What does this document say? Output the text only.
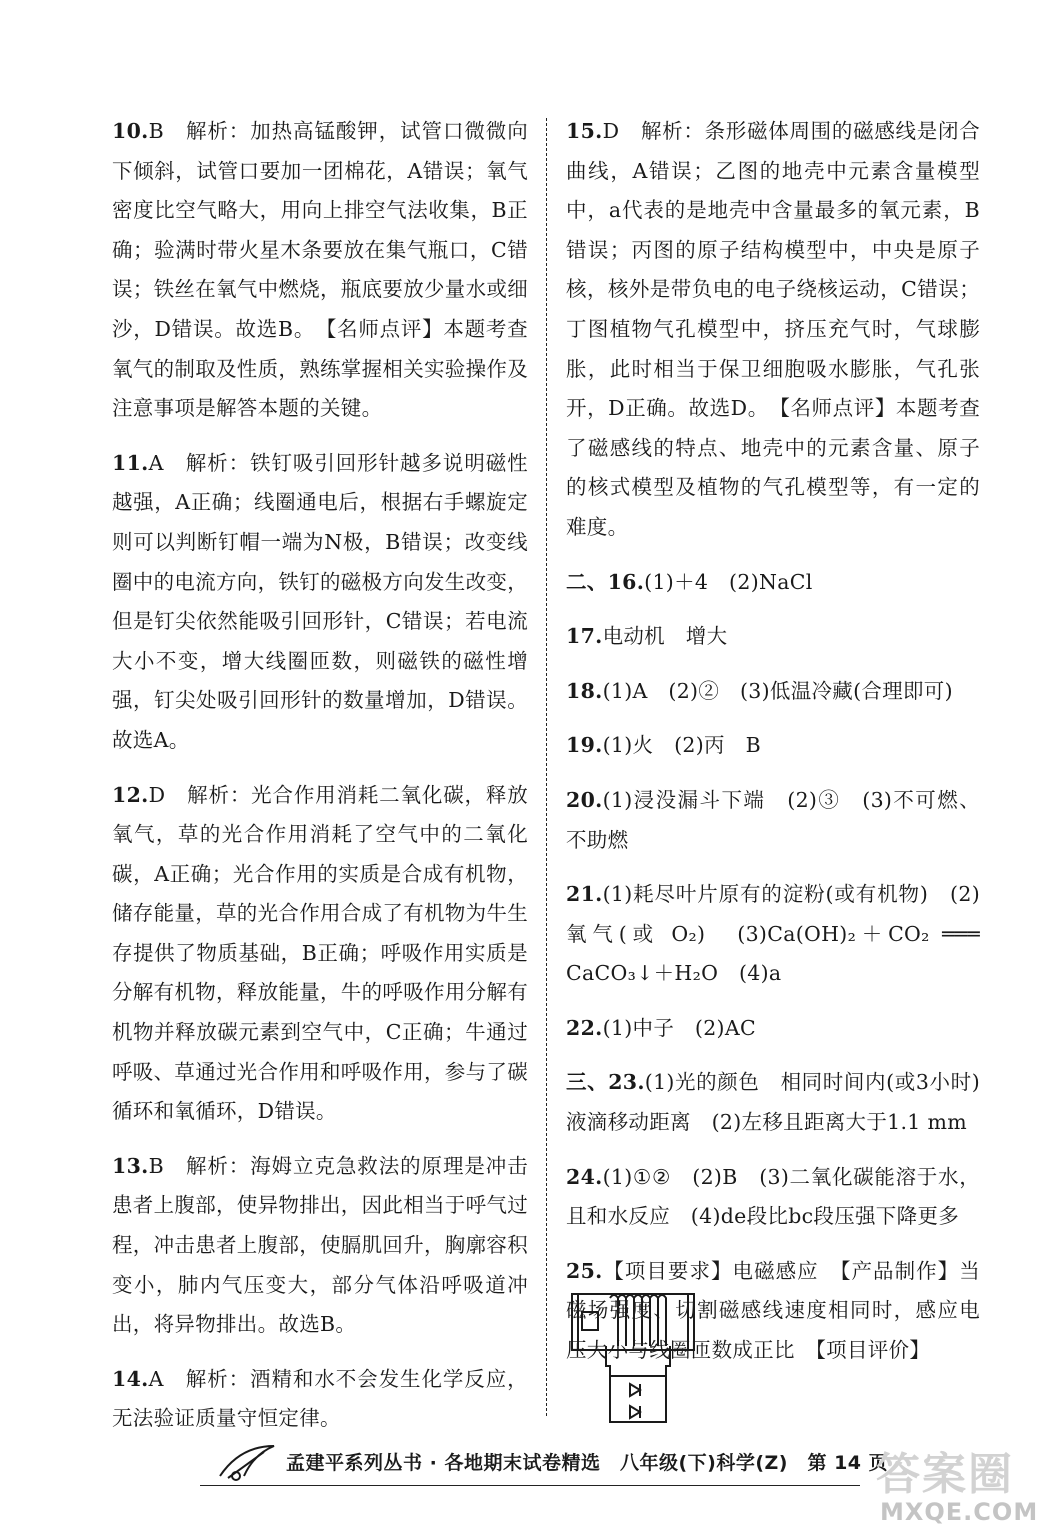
10.B　解析：加热高锰酸钾，试管口微微向下倾斜，试管口要加一团棉花，A错误；氧气密度比空气略大，用向上排空气法收集，B正确；验满时带火星木条要放在集气瓶口，C错误；铁丝在氧气中燃烧，瓶底要放少量水或细沙，D错误。故选B。　【名师点评】本题考查氧气的制取及性质，熟练掌握相关实验操作及注意事项是解答本题的关键。

11.A　解析：铁钉吸引回形针越多说明磁性越强，A正确；线圈通电后，根据右手螺旋定则可以判断钉帽一端为N极，B错误；改变线圈中的电流方向，铁钉的磁极方向发生改变，但是钉尖依然能吸引回形针，C错误；若电流大小不变，增大线圈匝数，则磁铁的磁性增强，钉尖处吸引回形针的数量增加，D错误。故选A。

12.D　解析：光合作用消耗二氧化碳，释放氧气，草的光合作用消耗了空气中的二氧化碳，A正确；光合作用的实质是合成有机物，储存能量，草的光合作用合成了有机物为牛生存提供了物质基础，B正确；呼吸作用实质是分解有机物，释放能量，牛的呼吸作用分解有机物并释放碳元素到空气中，C正确；牛通过呼吸、草通过光合作用和呼吸作用，参与了碳循环和氧循环，D错误。

13.B　解析：海姆立克急救法的原理是冲击患者上腹部，使异物排出，因此相当于呼气过程，冲击患者上腹部，使膈肌回升，胸廓容积变小，肺内气压变大，部分气体沿呼吸道冲出，将异物排出。故选B。

14.A　解析：酒精和水不会发生化学反应，无法验证质量守恒定律。

15.D　解析：条形磁体周围的磁感线是闭合曲线，A错误；乙图的地壳中元素含量模型中，a代表的是地壳中含量最多的氧元素，B错误；丙图的原子结构模型中，中央是原子核，核外是带负电的电子绕核运动，C错误；丁图植物气孔模型中，挤压充气时，气球膨胀，此时相当于保卫细胞吸水膨胀，气孔张开，D正确。故选D。　【名师点评】本题考查了磁感线的特点、地壳中的元素含量、原子的核式模型及植物的气孔模型等，有一定的难度。

二、16.(1)＋4　(2)NaCl

17.电动机　增大

18.(1)A　(2)②　(3)低温冷藏(合理即可)

19.(1)火　(2)丙　B

20.(1)浸没漏斗下端　(2)③　(3)不可燃、不助燃

21.(1)耗尽叶片原有的淀粉(或有机物)　(2)氧气(或 O₂)　(3)Ca(OH)₂＋CO₂ ═══ CaCO₃↓＋H₂O　(4)a

22.(1)中子　(2)AC

三、23.(1)光的颜色　相同时间内(或3小时)液滴移动距离　(2)左移且距离大于1.1 mm

24.(1)①②　(2)B　(3)二氧化碳能溶于水，且和水反应　(4)de段比bc段压强下降更多

25.【项目要求】电磁感应　【产品制作】当磁场强度、切割磁感线速度相同时，感应电压大小与线圈匝数成正比　【项目评价】

孟建平系列丛书 · 各地期末试卷精选　八年级(下)科学(Z)　第 14 页
答案圈
MXQE.COM
